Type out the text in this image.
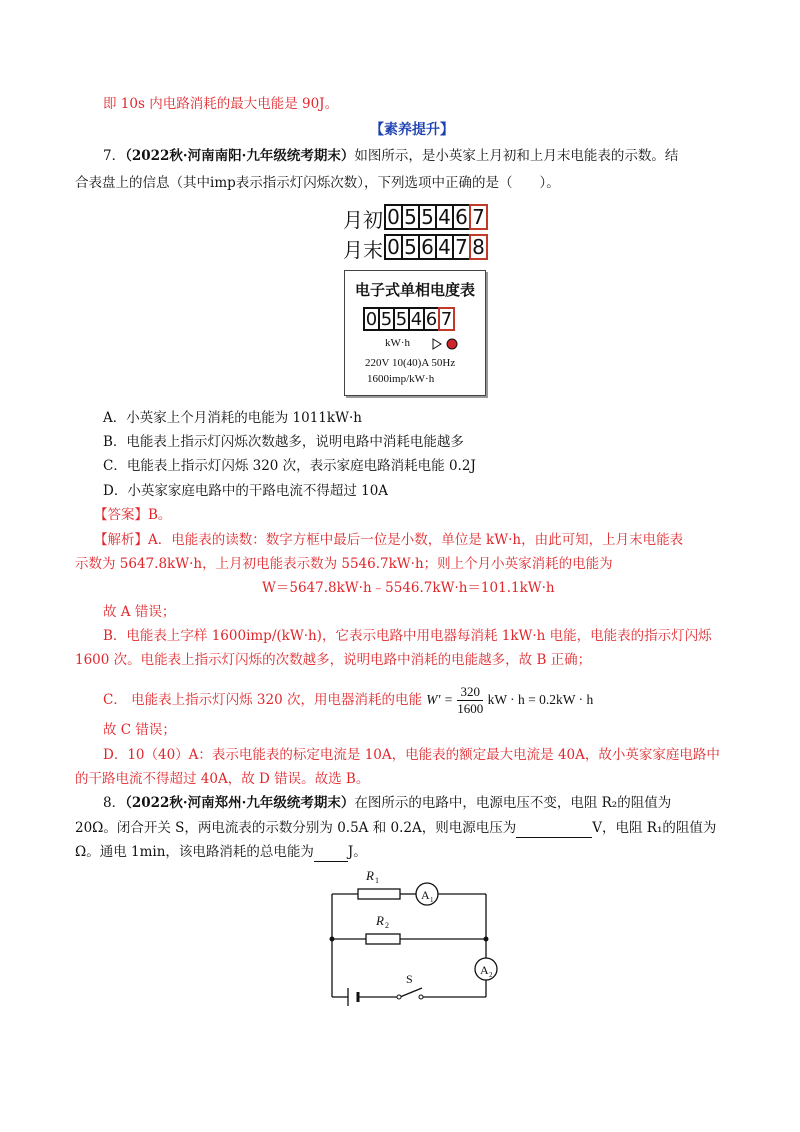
即 10s 内电路消耗的最大电能是 90J。
【素养提升】
7．（2022秋·河南南阳·九年级统考期末）如图所示，是小英家上月初和上月末电能表的示数。结
合表盘上的信息（其中imp表示指示灯闪烁次数），下列选项中正确的是（　　）。
月初 0 5 5 4 6 7
月末 0 5 6 4 7 8
电子式单相电度表
0 5 5 4 6 7
kW·h
220V 10(40)A 50Hz
1600imp/kW·h
A．小英家上个月消耗的电能为 1011kW·h
B．电能表上指示灯闪烁次数越多，说明电路中消耗电能越多
C．电能表上指示灯闪烁 320 次，表示家庭电路消耗电能 0.2J
D．小英家家庭电路中的干路电流不得超过 10A
【答案】B。
【解析】A．电能表的读数：数字方框中最后一位是小数，单位是 kW·h，由此可知，上月末电能表
示数为 5647.8kW·h，上月初电能表示数为 5546.7kW·h；则上个月小英家消耗的电能为
W＝5647.8kW·h﹣5546.7kW·h＝101.1kW·h
故 A 错误；
B．电能表上字样 1600imp/(kW·h)，它表示电路中用电器每消耗 1kW·h 电能，电能表的指示灯闪烁
1600 次。电能表上指示灯闪烁的次数越多，说明电路中消耗的电能越多，故 B 正确；
C． 电能表上指示灯闪烁 320 次，用电器消耗的电能 $W' = \frac{320}{1600}$ kW · h = 0.2kW · h
故 C 错误；
D．10（40）A：表示电能表的标定电流是 10A，电能表的额定最大电流是 40A，故小英家家庭电路中
的干路电流不得超过 40A，故 D 错误。故选 B。
8．（2022秋·河南郑州·九年级统考期末）在图所示的电路中，电源电压不变，电阻 R₂的阻值为
20Ω。闭合开关 S，两电流表的示数分别为 0.5A 和 0.2A，则电源电压为	V，电阻 R₁的阻值为
Ω。通电 1min，该电路消耗的总电能为	J。
A 1
A 2
R 1
R 2
S
